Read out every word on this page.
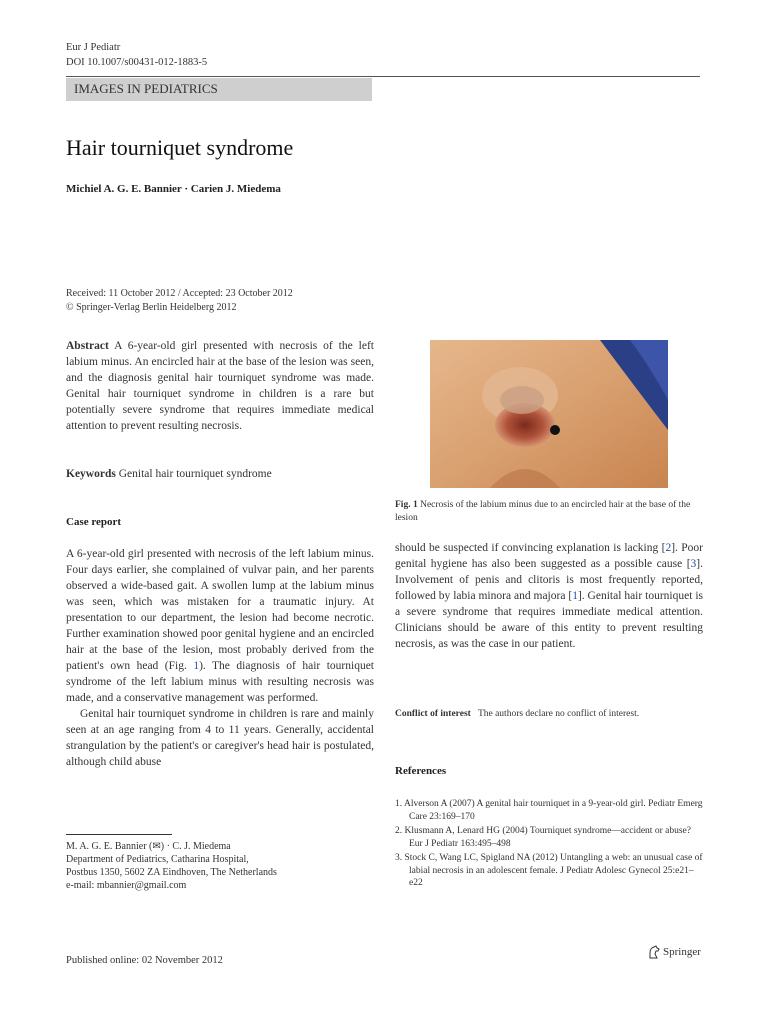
Eur J Pediatr
DOI 10.1007/s00431-012-1883-5
IMAGES IN PEDIATRICS
Hair tourniquet syndrome
Michiel A. G. E. Bannier · Carien J. Miedema
Received: 11 October 2012 / Accepted: 23 October 2012
© Springer-Verlag Berlin Heidelberg 2012
Abstract A 6-year-old girl presented with necrosis of the left labium minus. An encircled hair at the base of the lesion was seen, and the diagnosis genital hair tourniquet syndrome was made. Genital hair tourniquet syndrome in children is a rare but potentially severe syndrome that requires immediate medical attention to prevent resulting necrosis.
Keywords Genital hair tourniquet syndrome
Case report

A 6-year-old girl presented with necrosis of the left labium minus. Four days earlier, she complained of vulvar pain, and her parents observed a wide-based gait. A swollen lump at the labium minus was seen, which was mistaken for a traumatic injury. At presentation to our department, the lesion had become necrotic. Further examination showed poor genital hygiene and an encircled hair at the base of the lesion, most probably derived from the patient's own head (Fig. 1). The diagnosis of hair tourniquet syndrome of the left labium minus with resulting necrosis was made, and a conservative management was performed.

Genital hair tourniquet syndrome in children is rare and mainly seen at an age ranging from 4 to 11 years. Generally, accidental strangulation by the patient's or caregiver's head hair is postulated, although child abuse

M. A. G. E. Bannier (✉) · C. J. Miedema
Department of Pediatrics, Catharina Hospital,
Postbus 1350, 5602 ZA Eindhoven, The Netherlands
e-mail: mbannier@gmail.com
Fig. 1 Necrosis of the labium minus due to an encircled hair at the base of the lesion
should be suspected if convincing explanation is lacking [2]. Poor genital hygiene has also been suggested as a possible cause [3]. Involvement of penis and clitoris is most frequently reported, followed by labia minora and majora [1]. Genital hair tourniquet is a severe syndrome that requires immediate medical attention. Clinicians should be aware of this entity to prevent resulting necrosis, as was the case in our patient.
Conflict of interest The authors declare no conflict of interest.
References
1. Alverson A (2007) A genital hair tourniquet in a 9-year-old girl. Pediatr Emerg Care 23:169–170
2. Klusmann A, Lenard HG (2004) Tourniquet syndrome—accident or abuse? Eur J Pediatr 163:495–498
3. Stock C, Wang LC, Spigland NA (2012) Untangling a web: an unusual case of labial necrosis in an adolescent female. J Pediatr Adolesc Gynecol 25:e21–e22
Published online: 02 November 2012
Springer
